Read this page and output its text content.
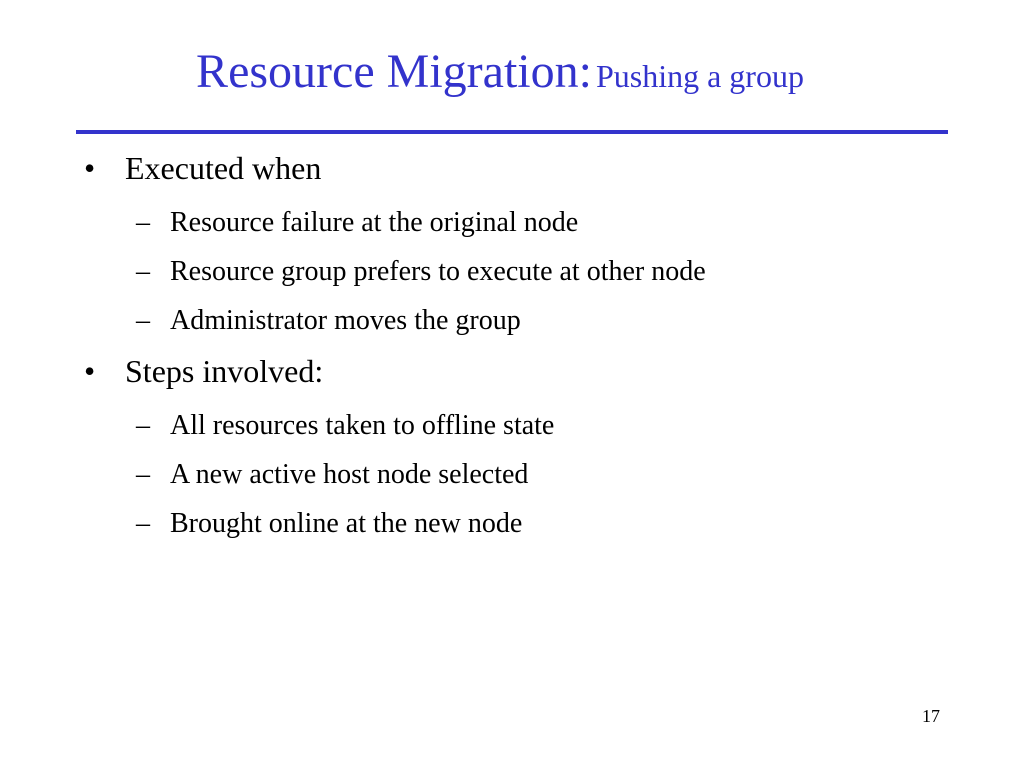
Resource Migration: Pushing a group
• Executed when
– Resource failure at the original node
– Resource group prefers to execute at other node
– Administrator moves the group
• Steps involved:
– All resources taken to offline state
– A new active host node selected
– Brought online at the new node
17
